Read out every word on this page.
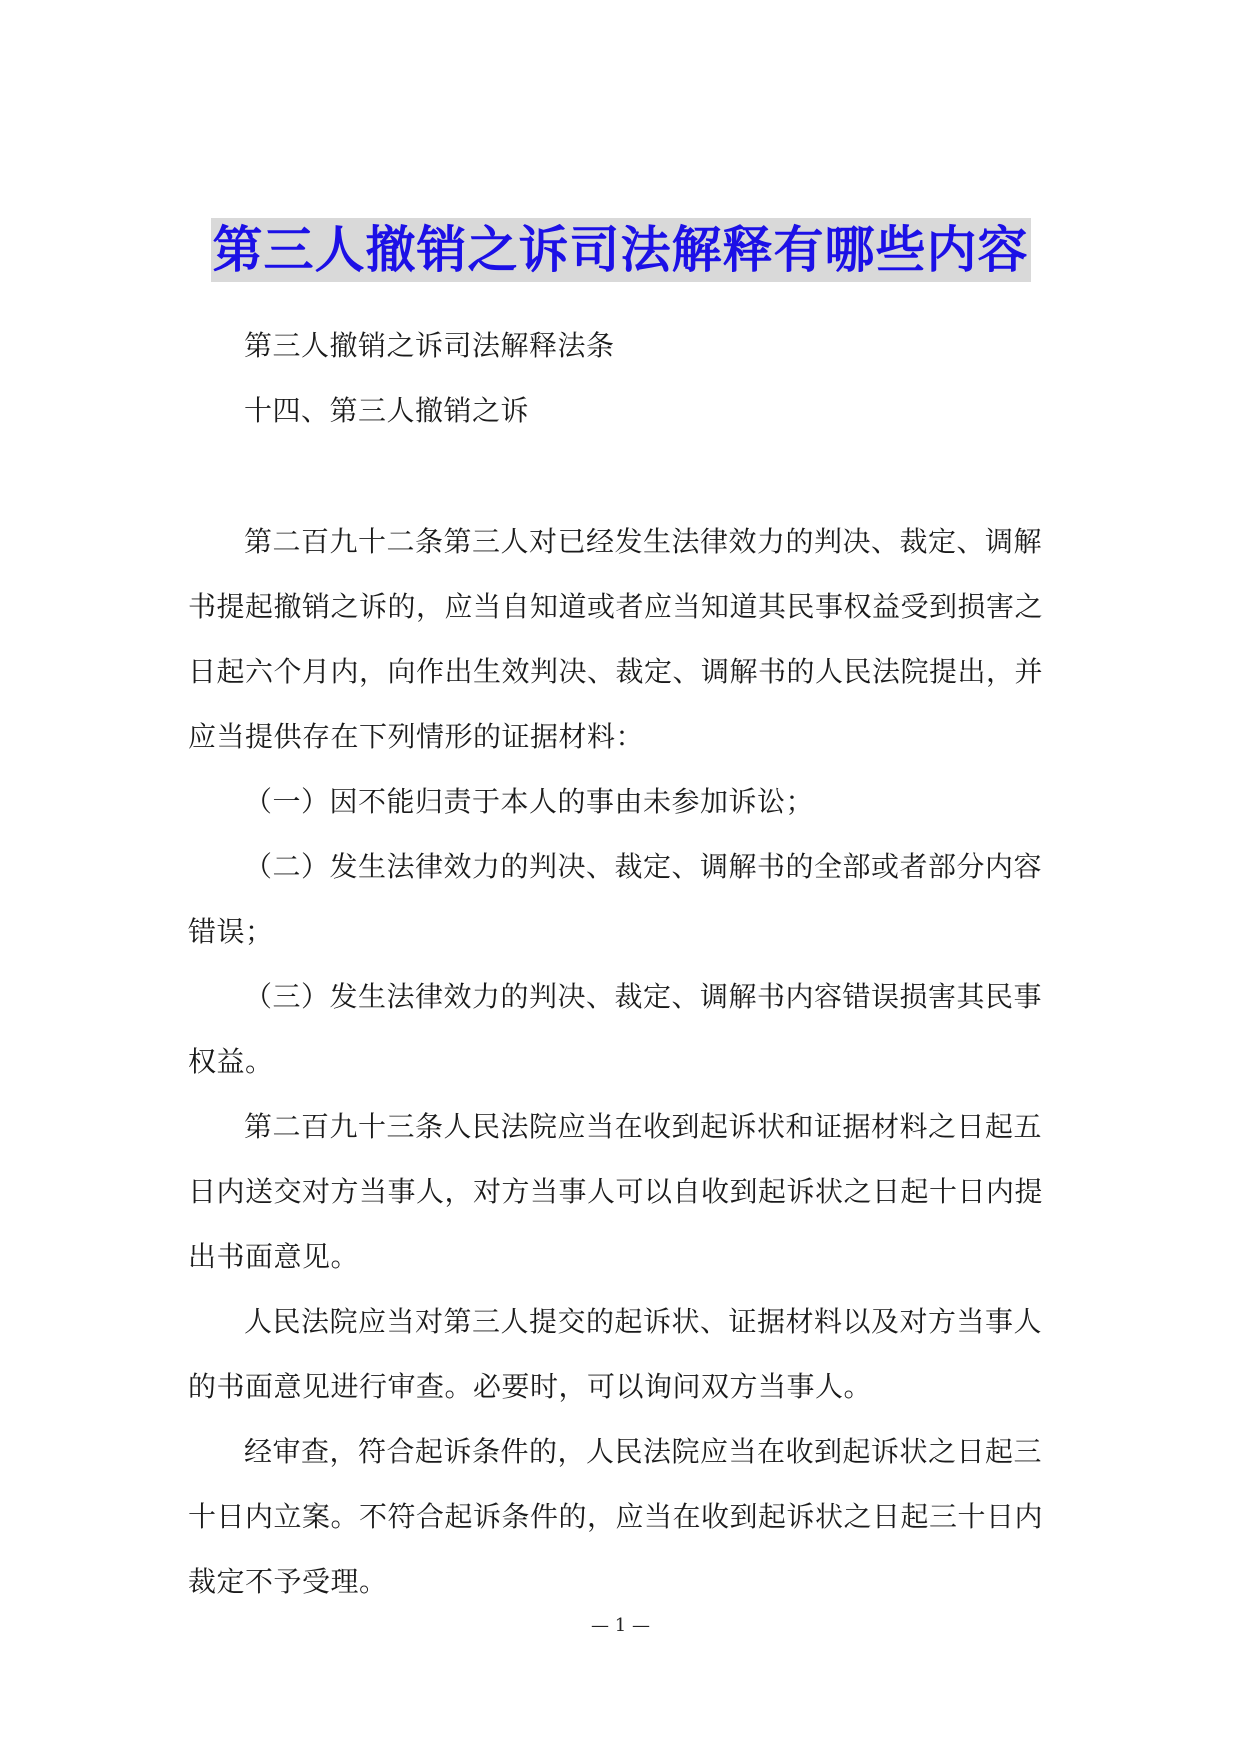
第三人撤销之诉司法解释有哪些内容

第三人撤销之诉司法解释法条

十四、第三人撤销之诉

第二百九十二条第三人对已经发生法律效力的判决、裁定、调解书提起撤销之诉的，应当自知道或者应当知道其民事权益受到损害之日起六个月内，向作出生效判决、裁定、调解书的人民法院提出，并应当提供存在下列情形的证据材料：

（一）因不能归责于本人的事由未参加诉讼；

（二）发生法律效力的判决、裁定、调解书的全部或者部分内容错误；

（三）发生法律效力的判决、裁定、调解书内容错误损害其民事权益。

第二百九十三条人民法院应当在收到起诉状和证据材料之日起五日内送交对方当事人，对方当事人可以自收到起诉状之日起十日内提出书面意见。

人民法院应当对第三人提交的起诉状、证据材料以及对方当事人的书面意见进行审查。必要时，可以询问双方当事人。

经审查，符合起诉条件的，人民法院应当在收到起诉状之日起三十日内立案。不符合起诉条件的，应当在收到起诉状之日起三十日内裁定不予受理。

— 1 —
